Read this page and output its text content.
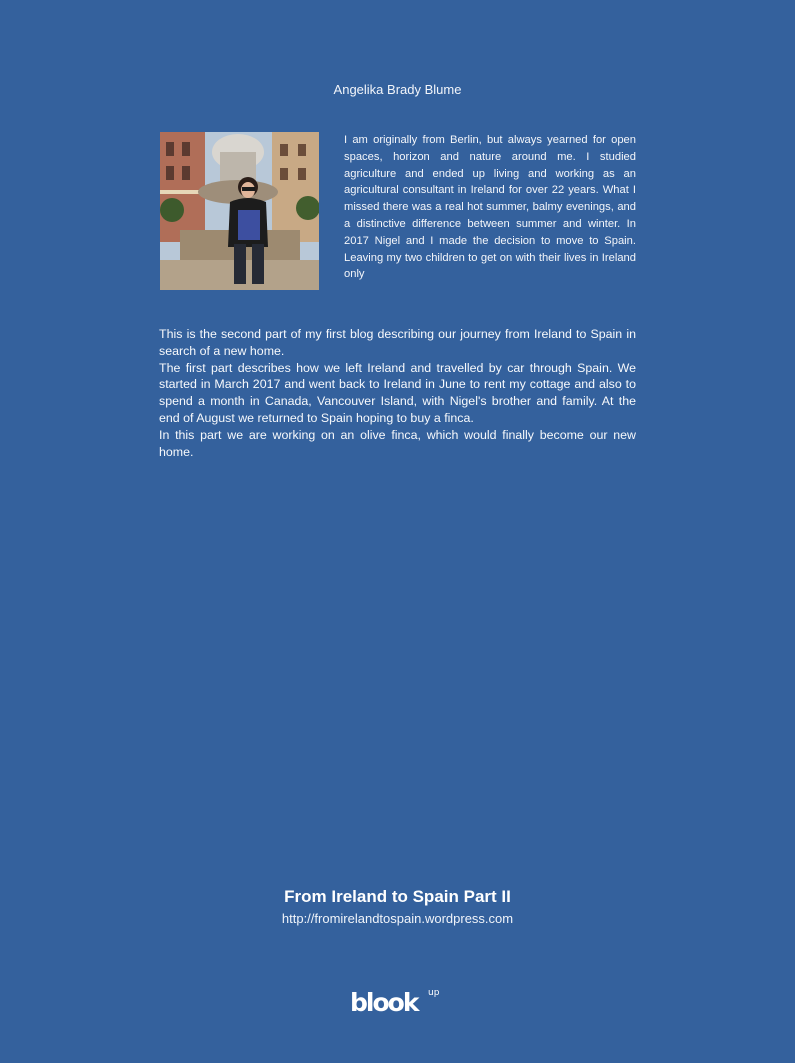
Angelika Brady Blume
I am originally from Berlin, but always yearned for open spaces, horizon and nature around me. I studied agriculture and ended up living and working as an agricultural consultant in Ireland for over 22 years. What I missed there was a real hot summer, balmy evenings, and a distinctive difference between summer and winter. In 2017 Nigel and I made the decision to move to Spain. Leaving my two children to get on with their lives in Ireland only

This is the second part of my first blog describing our journey from Ireland to Spain in search of a new home.

The first part describes how we left Ireland and travelled by car through Spain. We started in March 2017 and went back to Ireland in June to rent my cottage and also to spend a month in Canada, Vancouver Island, with Nigel's brother and family. At the end of August we returned to Spain hoping to buy a finca.

In this part we are working on an olive finca, which would finally become our new home.

From Ireland to Spain Part II
http://fromirelandtospain.wordpress.com
blook up
